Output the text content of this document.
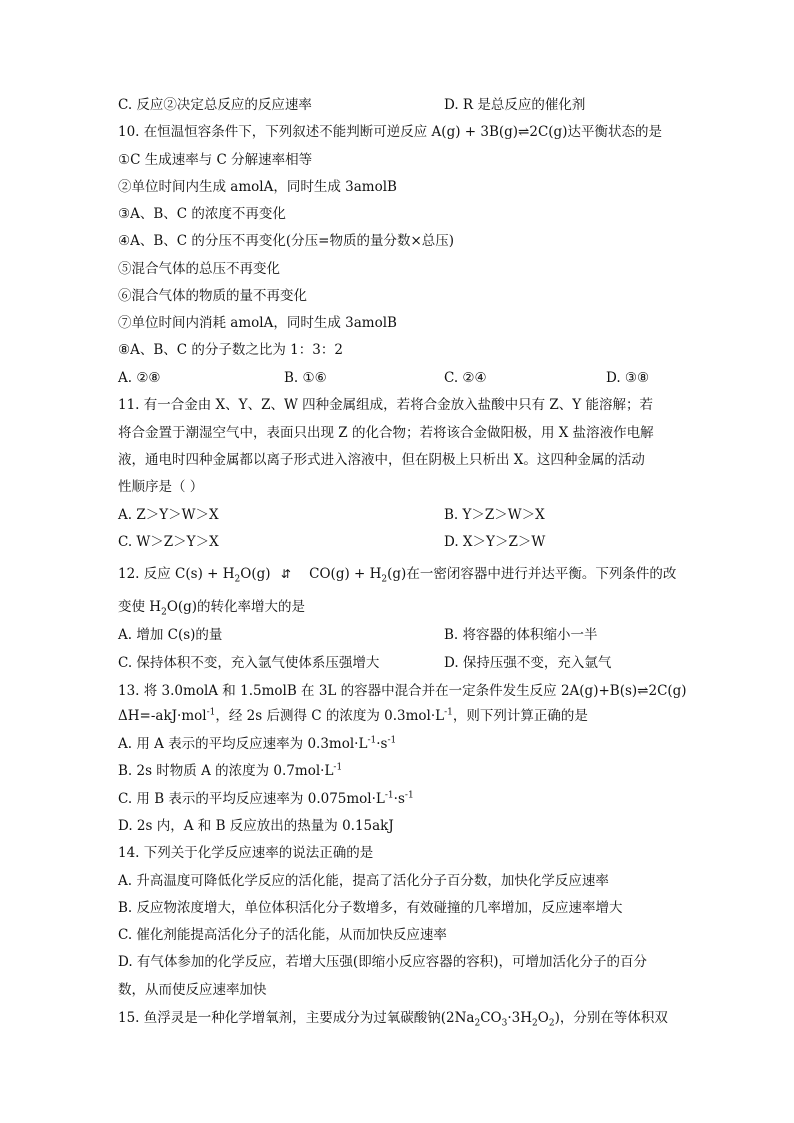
C. 反应②决定总反应的反应速率	D. R 是总反应的催化剂
10. 在恒温恒容条件下，下列叙述不能判断可逆反应 A(g) + 3B(g)⇌2C(g)达平衡状态的是
①C 生成速率与 C 分解速率相等
②单位时间内生成 amolA，同时生成 3amolB
③A、B、C 的浓度不再变化
④A、B、C 的分压不再变化(分压=物质的量分数×总压)
⑤混合气体的总压不再变化
⑥混合气体的物质的量不再变化
⑦单位时间内消耗 amolA，同时生成 3amolB
⑧A、B、C 的分子数之比为 1：3：2
A. ②⑧	B. ①⑥	C. ②④	D. ③⑧
11. 有一合金由 X、Y、Z、W 四种金属组成，若将合金放入盐酸中只有 Z、Y 能溶解；若
将合金置于潮湿空气中，表面只出现 Z 的化合物；若将该合金做阳极，用 X 盐溶液作电解
液，通电时四种金属都以离子形式进入溶液中，但在阴极上只析出 X。这四种金属的活动
性顺序是（ ）
A. Z＞Y＞W＞X	B. Y＞Z＞W＞X
C. W＞Z＞Y＞X	D. X＞Y＞Z＞W
12. 反应 $C(s) + H_2O(g)$ ⇵ $CO(g) + H_2(g)$在一密闭容器中进行并达平衡。下列条件的改
变使 $H_2O(g)$的转化率增大的是
A. 增加 C(s)的量	B. 将容器的体积缩小一半
C. 保持体积不变，充入氩气使体系压强增大	D. 保持压强不变，充入氩气
13. 将 3.0molA 和 1.5molB 在 3L 的容器中混合并在一定条件发生反应 2A(g)+B(s)⇌2C(g)
ΔH=-akJ·mol$^{-1}$，经 2s 后测得 C 的浓度为 $0.3mol\cdot L^{-1}$，则下列计算正确的是
A. 用 A 表示的平均反应速率为 $0.3mol\cdot L^{-1}\cdot s^{-1}$
B. 2s 时物质 A 的浓度为 $0.7mol\cdot L^{-1}$
C. 用 B 表示的平均反应速率为 $0.075mol\cdot L^{-1}\cdot s^{-1}$
D. 2s 内，A 和 B 反应放出的热量为 0.15akJ
14. 下列关于化学反应速率的说法正确的是
A. 升高温度可降低化学反应的活化能，提高了活化分子百分数，加快化学反应速率
B. 反应物浓度增大，单位体积活化分子数增多，有效碰撞的几率增加，反应速率增大
C. 催化剂能提高活化分子的活化能，从而加快反应速率
D. 有气体参加的化学反应，若增大压强(即缩小反应容器的容积)，可增加活化分子的百分
数，从而使反应速率加快
15. 鱼浮灵是一种化学增氧剂，主要成分为过氧碳酸钠$(2Na_2CO_3\cdot 3H_2O_2)$，分别在等体积双
